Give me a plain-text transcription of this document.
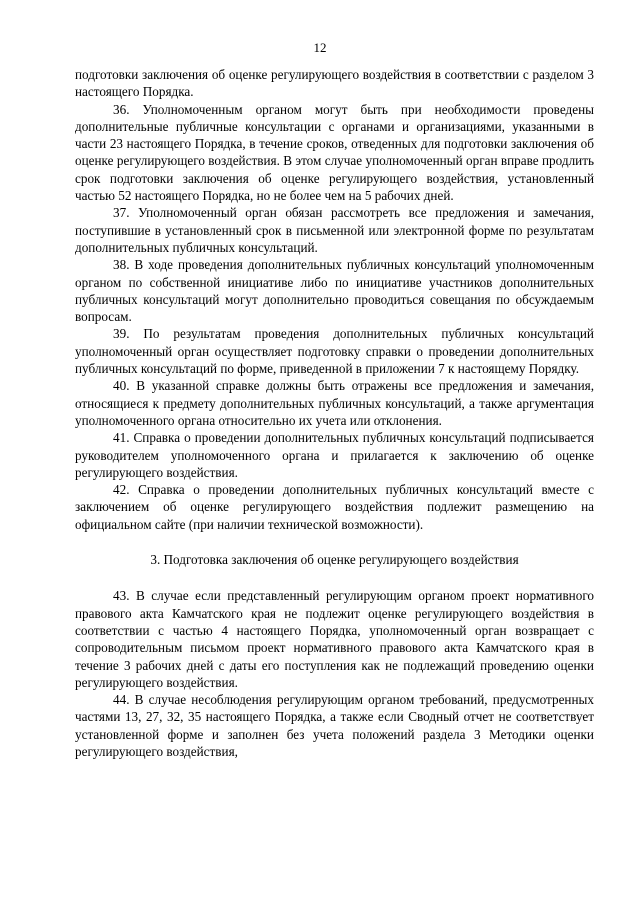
12

подготовки заключения об оценке регулирующего воздействия в соответствии с разделом 3 настоящего Порядка.

36. Уполномоченным органом могут быть при необходимости проведены дополнительные публичные консультации с органами и организациями, указанными в части 23 настоящего Порядка, в течение сроков, отведенных для подготовки заключения об оценке регулирующего воздействия. В этом случае уполномоченный орган вправе продлить срок подготовки заключения об оценке регулирующего воздействия, установленный частью 52 настоящего Порядка, но не более чем на 5 рабочих дней.

37. Уполномоченный орган обязан рассмотреть все предложения и замечания, поступившие в установленный срок в письменной или электронной форме по результатам дополнительных публичных консультаций.

38. В ходе проведения дополнительных публичных консультаций уполномоченным органом по собственной инициативе либо по инициативе участников дополнительных публичных консультаций могут дополнительно проводиться совещания по обсуждаемым вопросам.

39. По результатам проведения дополнительных публичных консультаций уполномоченный орган осуществляет подготовку справки о проведении дополнительных публичных консультаций по форме, приведенной в приложении 7 к настоящему Порядку.

40. В указанной справке должны быть отражены все предложения и замечания, относящиеся к предмету дополнительных публичных консультаций, а также аргументация уполномоченного органа относительно их учета или отклонения.

41. Справка о проведении дополнительных публичных консультаций подписывается руководителем уполномоченного органа и прилагается к заключению об оценке регулирующего воздействия.

42. Справка о проведении дополнительных публичных консультаций вместе с заключением об оценке регулирующего воздействия подлежит размещению на официальном сайте (при наличии технической возможности).

3. Подготовка заключения об оценке регулирующего воздействия

43. В случае если представленный регулирующим органом проект нормативного правового акта Камчатского края не подлежит оценке регулирующего воздействия в соответствии с частью 4 настоящего Порядка, уполномоченный орган возвращает с сопроводительным письмом проект нормативного правового акта Камчатского края в течение 3 рабочих дней с даты его поступления как не подлежащий проведению оценки регулирующего воздействия.

44. В случае несоблюдения регулирующим органом требований, предусмотренных частями 13, 27, 32, 35 настоящего Порядка, а также если Сводный отчет не соответствует установленной форме и заполнен без учета положений раздела 3 Методики оценки регулирующего воздействия,
